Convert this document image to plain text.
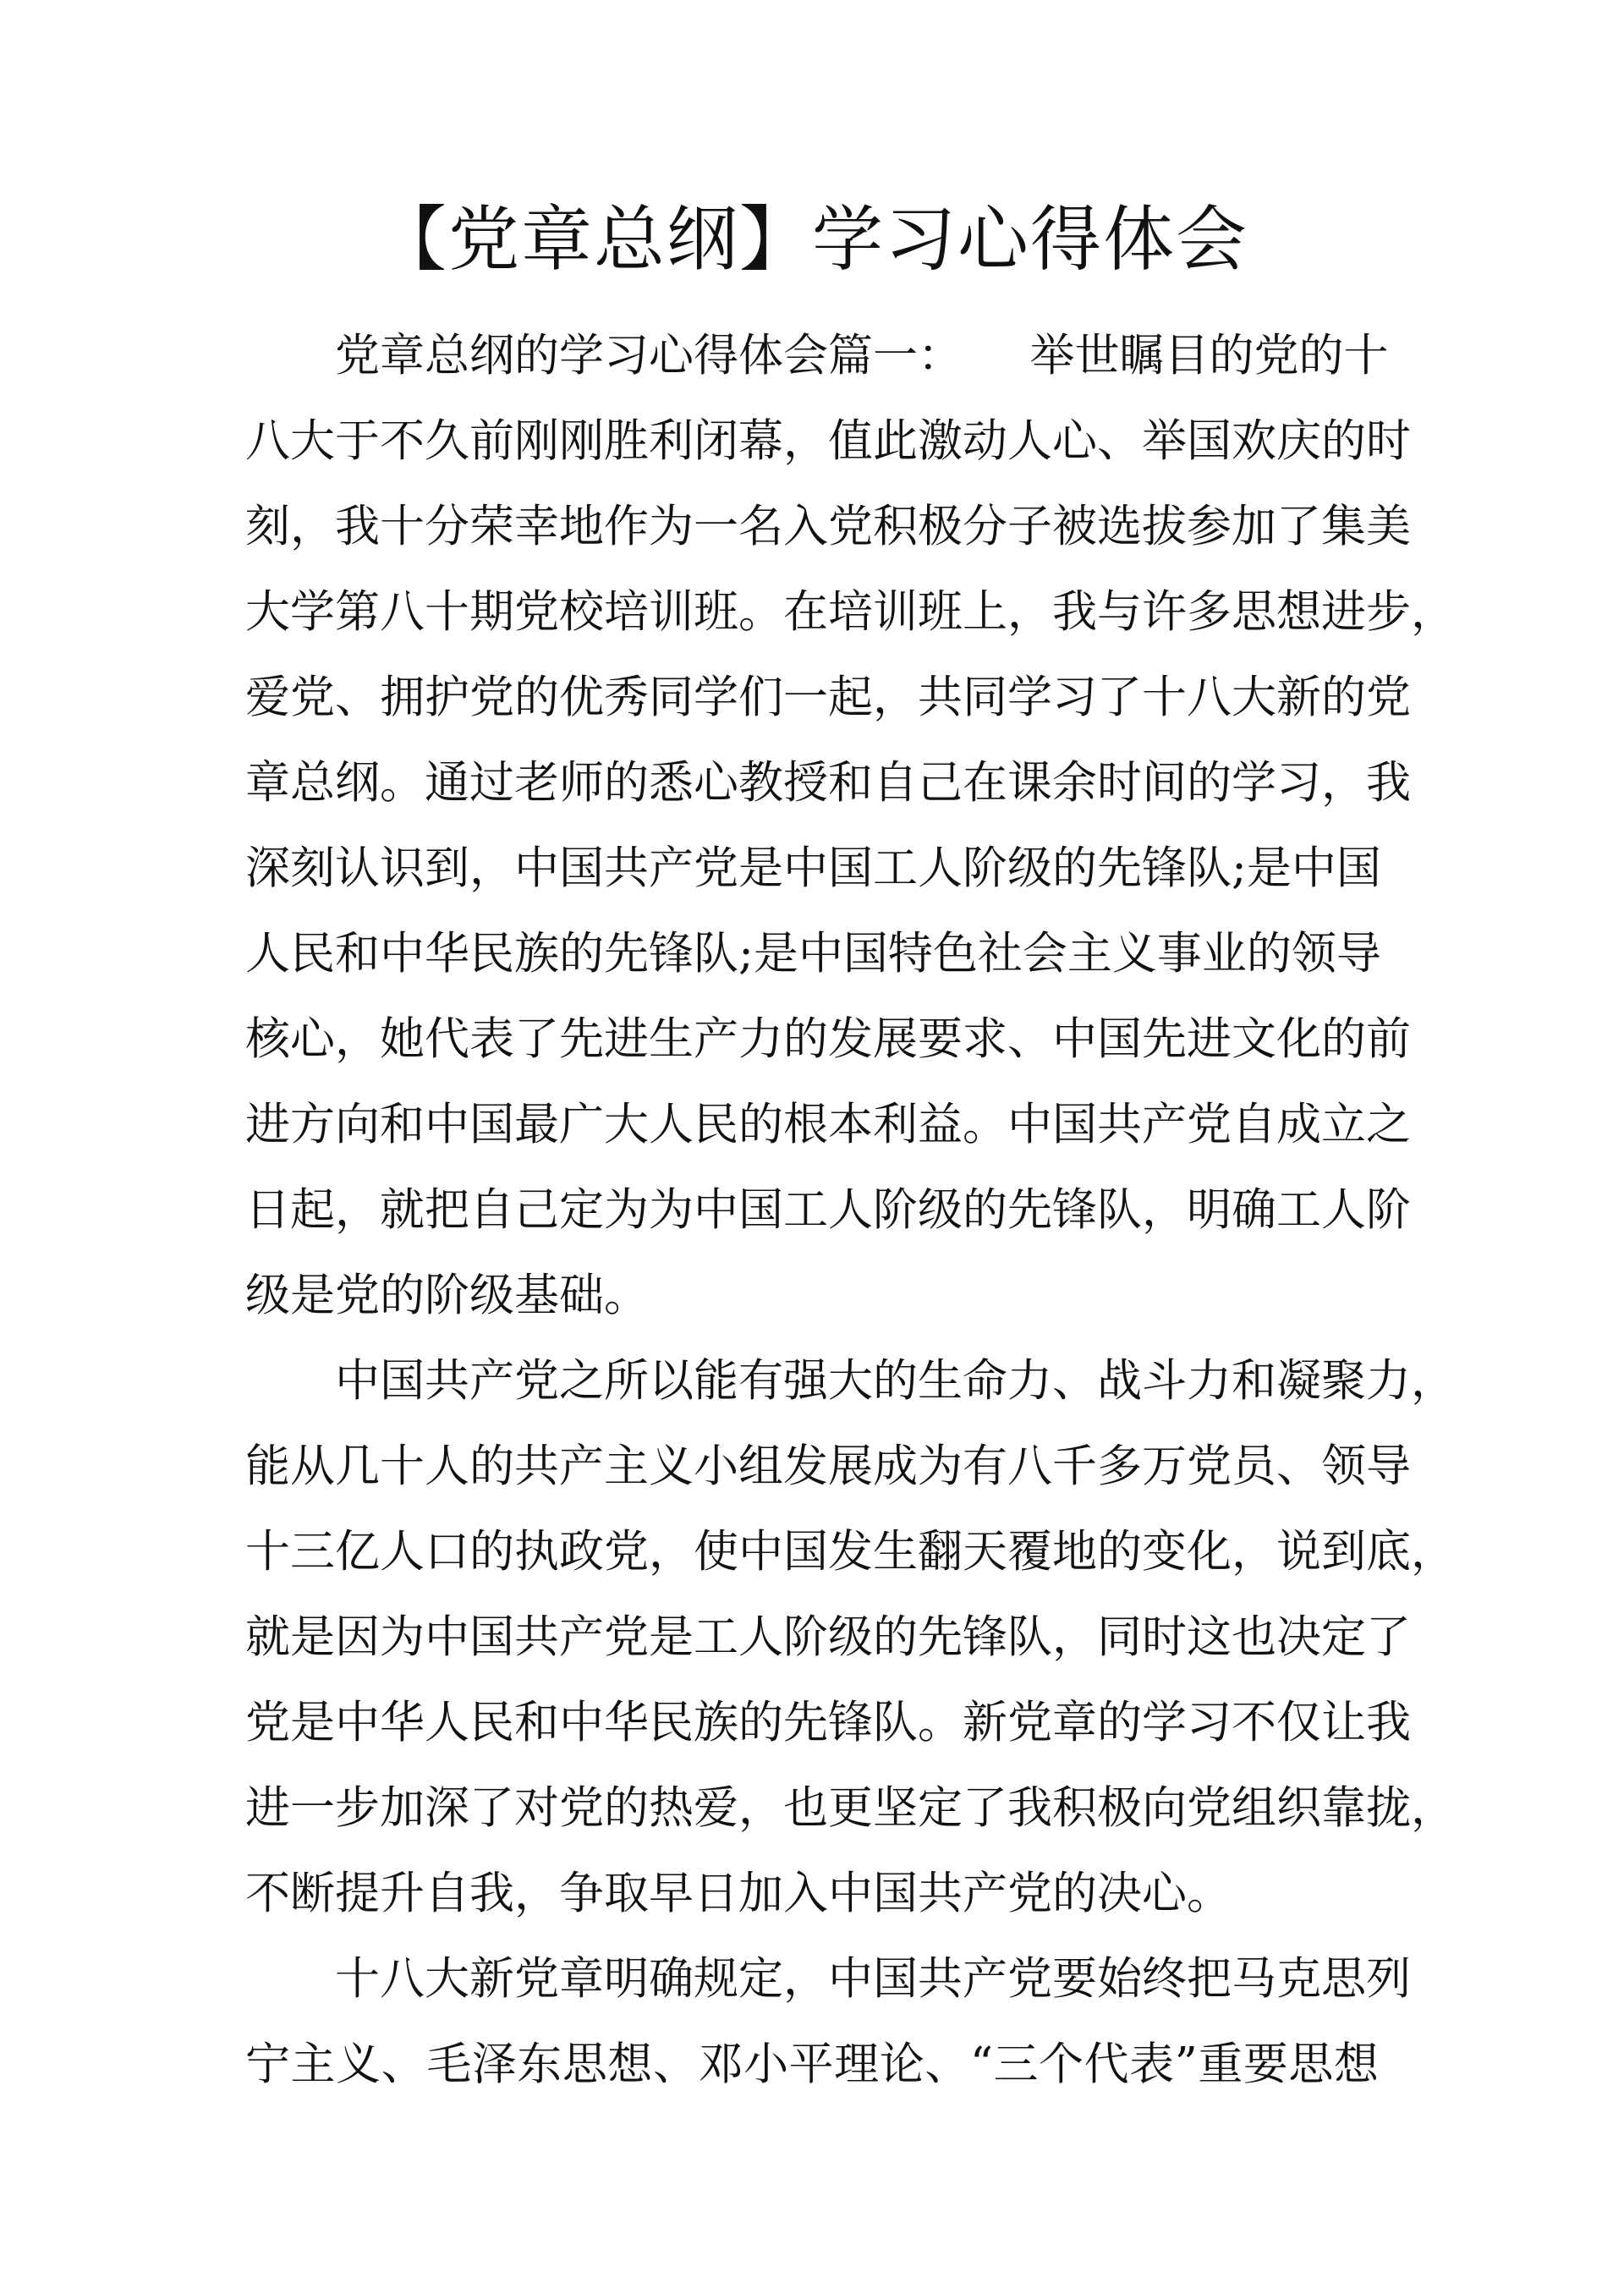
【党章总纲】学习心得体会
党章总纲的学习心得体会篇一：　　举世瞩目的党的十
八大于不久前刚刚胜利闭幕，值此激动人心、举国欢庆的时
刻，我十分荣幸地作为一名入党积极分子被选拔参加了集美
大学第八十期党校培训班。在培训班上，我与许多思想进步，
爱党、拥护党的优秀同学们一起，共同学习了十八大新的党
章总纲。通过老师的悉心教授和自己在课余时间的学习，我
深刻认识到，中国共产党是中国工人阶级的先锋队;是中国
人民和中华民族的先锋队;是中国特色社会主义事业的领导
核心，她代表了先进生产力的发展要求、中国先进文化的前
进方向和中国最广大人民的根本利益。中国共产党自成立之
日起，就把自己定为为中国工人阶级的先锋队，明确工人阶
级是党的阶级基础。
中国共产党之所以能有强大的生命力、战斗力和凝聚力，
能从几十人的共产主义小组发展成为有八千多万党员、领导
十三亿人口的执政党，使中国发生翻天覆地的变化，说到底，
就是因为中国共产党是工人阶级的先锋队，同时这也决定了
党是中华人民和中华民族的先锋队。新党章的学习不仅让我
进一步加深了对党的热爱，也更坚定了我积极向党组织靠拢，
不断提升自我，争取早日加入中国共产党的决心。
十八大新党章明确规定，中国共产党要始终把马克思列
宁主义、毛泽东思想、邓小平理论、“三个代表”重要思想
